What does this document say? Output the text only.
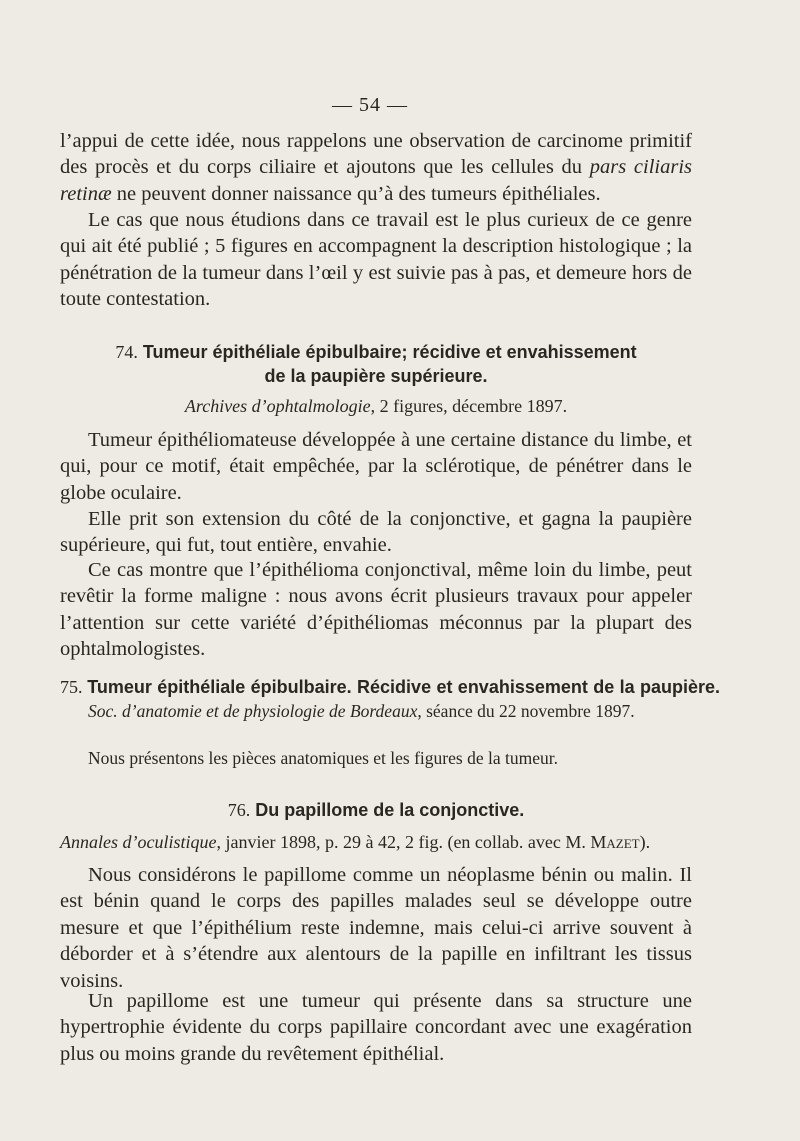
— 54 —

l’appui de cette idée, nous rappelons une observation de carcinome primitif des procès et du corps ciliaire et ajoutons que les cellules du pars ciliaris retinæ ne peuvent donner naissance qu’à des tumeurs épithéliales.

Le cas que nous étudions dans ce travail est le plus curieux de ce genre qui ait été publié ; 5 figures en accompagnent la description histologique ; la pénétration de la tumeur dans l’œil y est suivie pas à pas, et demeure hors de toute contestation.

74. Tumeur épithéliale épibulbaire; récidive et envahissement
de la paupière supérieure.
Archives d’ophtalmologie, 2 figures, décembre 1897.

Tumeur épithéliomateuse développée à une certaine distance du limbe, et qui, pour ce motif, était empêchée, par la sclérotique, de pénétrer dans le globe oculaire.

Elle prit son extension du côté de la conjonctive, et gagna la paupière supérieure, qui fut, tout entière, envahie.

Ce cas montre que l’épithélioma conjonctival, même loin du limbe, peut revêtir la forme maligne : nous avons écrit plusieurs travaux pour appeler l’attention sur cette variété d’épithéliomas méconnus par la plupart des ophtalmologistes.

75. Tumeur épithéliale épibulbaire. Récidive et envahissement de la paupière. Soc. d’anatomie et de physiologie de Bordeaux, séance du 22 novembre 1897.

Nous présentons les pièces anatomiques et les figures de la tumeur.

76. Du papillome de la conjonctive.
Annales d’oculistique, janvier 1898, p. 29 à 42, 2 fig. (en collab. avec M. Mazet).

Nous considérons le papillome comme un néoplasme bénin ou malin. Il est bénin quand le corps des papilles malades seul se développe outre mesure et que l’épithélium reste indemne, mais celui-ci arrive souvent à déborder et à s’étendre aux alentours de la papille en infiltrant les tissus voisins.

Un papillome est une tumeur qui présente dans sa structure une hypertrophie évidente du corps papillaire concordant avec une exagération plus ou moins grande du revêtement épithélial.
